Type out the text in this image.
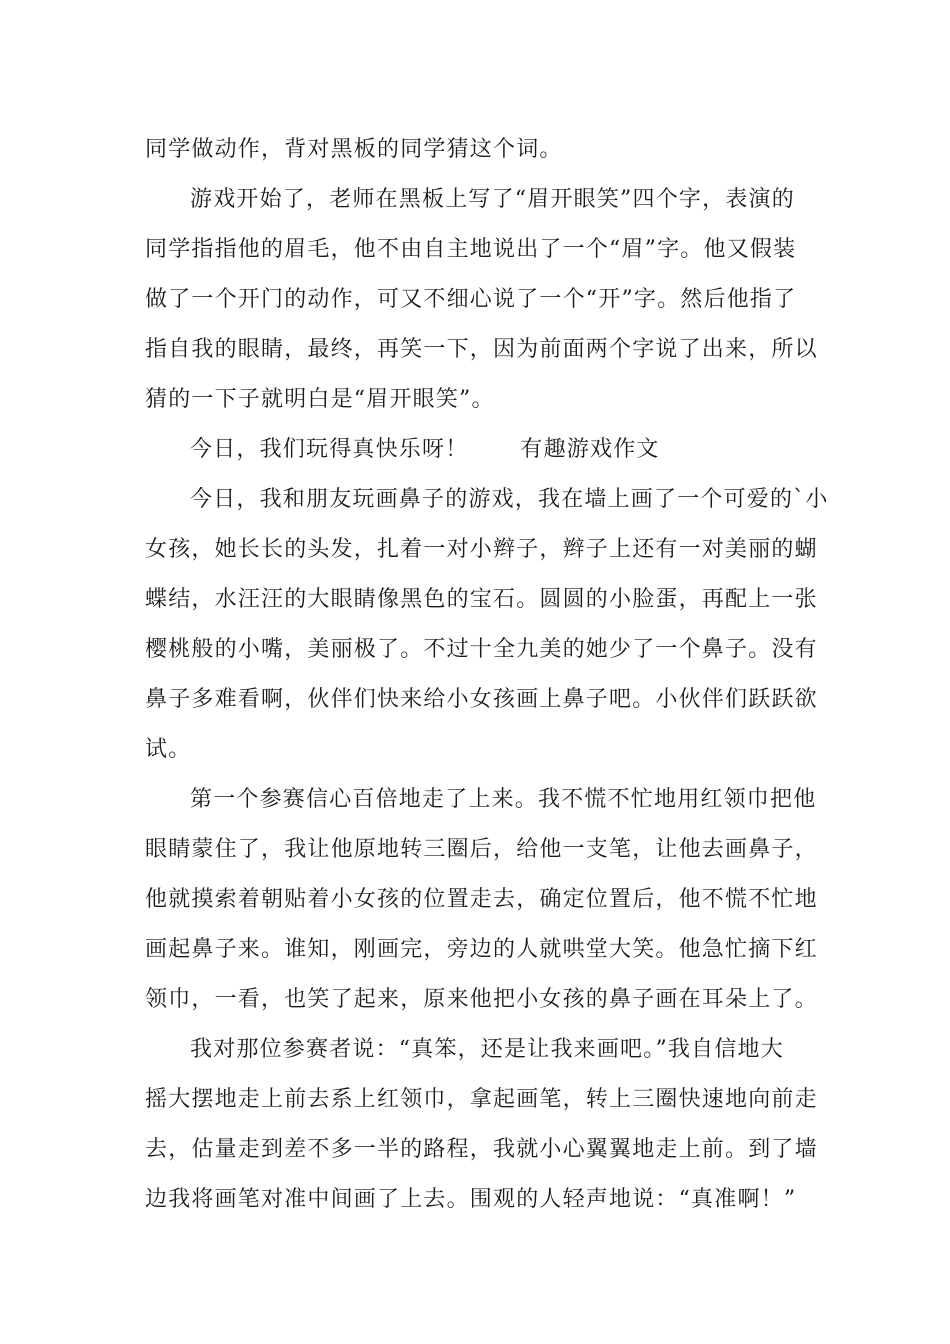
同学做动作，背对黑板的同学猜这个词。
游戏开始了，老师在黑板上写了“眉开眼笑”四个字，表演的
同学指指他的眉毛，他不由自主地说出了一个“眉”字。他又假装
做了一个开门的动作，可又不细心说了一个“开”字。然后他指了
指自我的眼睛，最终，再笑一下，因为前面两个字说了出来，所以
猜的一下子就明白是“眉开眼笑”。
今日，我们玩得真快乐呀！ 有趣游戏作文
今日，我和朋友玩画鼻子的游戏，我在墙上画了一个可爱的`小
女孩，她长长的头发，扎着一对小辫子，辫子上还有一对美丽的蝴
蝶结，水汪汪的大眼睛像黑色的宝石。圆圆的小脸蛋，再配上一张
樱桃般的小嘴，美丽极了。不过十全九美的她少了一个鼻子。没有
鼻子多难看啊，伙伴们快来给小女孩画上鼻子吧。小伙伴们跃跃欲
试。
第一个参赛信心百倍地走了上来。我不慌不忙地用红领巾把他
眼睛蒙住了，我让他原地转三圈后，给他一支笔，让他去画鼻子，
他就摸索着朝贴着小女孩的位置走去，确定位置后，他不慌不忙地
画起鼻子来。谁知，刚画完，旁边的人就哄堂大笑。他急忙摘下红
领巾，一看，也笑了起来，原来他把小女孩的鼻子画在耳朵上了。
我对那位参赛者说：“真笨，还是让我来画吧。”我自信地大
摇大摆地走上前去系上红领巾，拿起画笔，转上三圈快速地向前走
去，估量走到差不多一半的路程，我就小心翼翼地走上前。到了墙
边我将画笔对准中间画了上去。围观的人轻声地说：“真准啊！”
